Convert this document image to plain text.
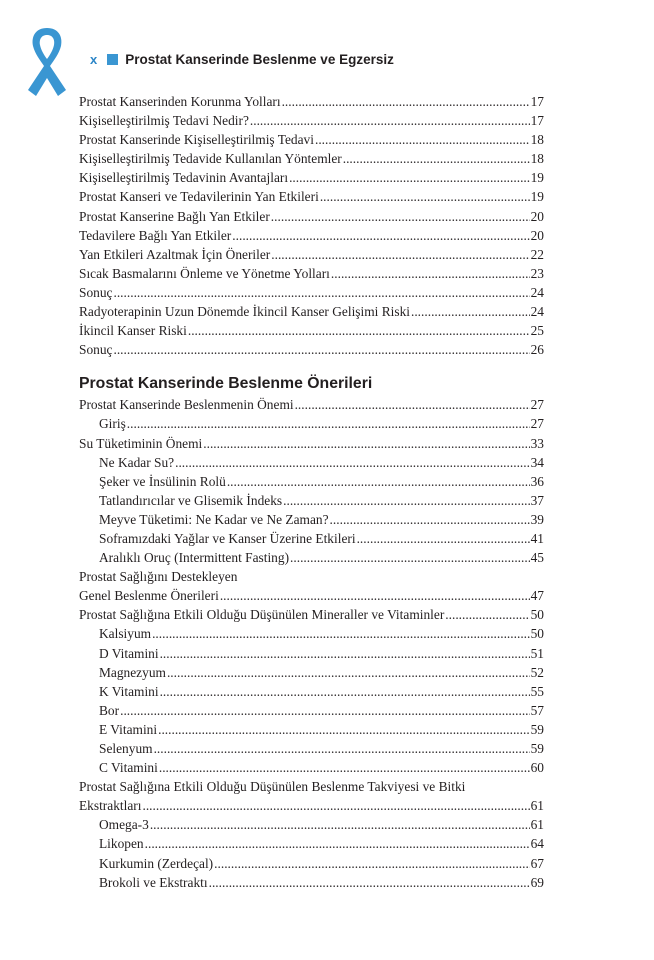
x Prostat Kanserinde Beslenme ve Egzersiz
Prostat Kanserinden Korunma Yolları .....	17
Kişiselleştirilmiş Tedavi Nedir? .....	17
Prostat Kanserinde Kişiselleştirilmiş Tedavi .....	18
Kişiselleştirilmiş Tedavide Kullanılan Yöntemler .....	18
Kişiselleştirilmiş Tedavinin Avantajları .....	19
Prostat Kanseri ve Tedavilerinin Yan Etkileri .....	19
Prostat Kanserine Bağlı Yan Etkiler .....	20
Tedavilere Bağlı Yan Etkiler .....	20
Yan Etkileri Azaltmak İçin Öneriler .....	22
Sıcak Basmalarını Önleme ve Yönetme Yolları .....	23
Sonuç .....	24
Radyoterapinin Uzun Dönemde İkincil Kanser Gelişimi Riski .....	24
İkincil Kanser Riski .....	25
Sonuç .....	26
Prostat Kanserinde Beslenme Önerileri
Prostat Kanserinde Beslenmenin Önemi .....	27
Giriş .....	27
Su Tüketiminin Önemi .....	33
Ne Kadar Su? .....	34
Şeker ve İnsülinin Rolü .....	36
Tatlandırıcılar ve Glisemik İndeks .....	37
Meyve Tüketimi: Ne Kadar ve Ne Zaman? .....	39
Soframızdaki Yağlar ve Kanser Üzerine Etkileri .....	41
Aralıklı Oruç (Intermittent Fasting) .....	45
Prostat Sağlığını Destekleyen
Genel Beslenme Önerileri .....	47
Prostat Sağlığına Etkili Olduğu Düşünülen Mineraller ve Vitaminler .....	50
Kalsiyum .....	50
D Vitamini .....	51
Magnezyum .....	52
K Vitamini .....	55
Bor .....	57
E Vitamini .....	59
Selenyum .....	59
C Vitamini .....	60
Prostat Sağlığına Etkili Olduğu Düşünülen Beslenme Takviyesi ve Bitki
Ekstraktları .....	61
Omega-3 .....	61
Likopen .....	64
Kurkumin (Zerdeçal) .....	67
Brokoli ve Ekstraktı .....	69
